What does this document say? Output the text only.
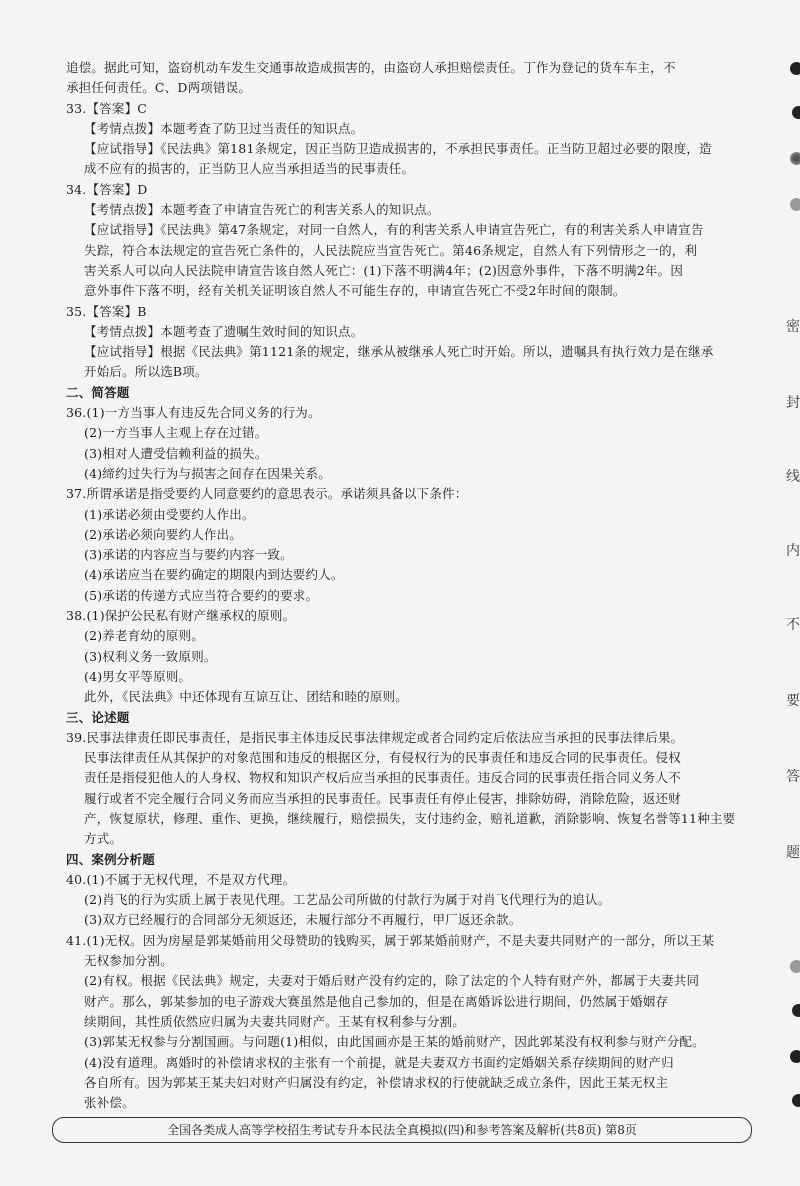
追偿。据此可知，盗窃机动车发生交通事故造成损害的，由盗窃人承担赔偿责任。丁作为登记的货车车主，不
承担任何责任。C、D两项错误。
33.【答案】C
【考情点拨】本题考查了防卫过当责任的知识点。
【应试指导】《民法典》第181条规定，因正当防卫造成损害的，不承担民事责任。正当防卫超过必要的限度，造
成不应有的损害的，正当防卫人应当承担适当的民事责任。
34.【答案】D
【考情点拨】本题考查了申请宣告死亡的利害关系人的知识点。
【应试指导】《民法典》第47条规定，对同一自然人，有的利害关系人申请宣告死亡，有的利害关系人申请宣告
失踪，符合本法规定的宣告死亡条件的，人民法院应当宣告死亡。第46条规定，自然人有下列情形之一的，利
害关系人可以向人民法院申请宣告该自然人死亡：(1)下落不明满4年；(2)因意外事件，下落不明满2年。因
意外事件下落不明，经有关机关证明该自然人不可能生存的，申请宣告死亡不受2年时间的限制。
35.【答案】B
【考情点拨】本题考查了遗嘱生效时间的知识点。
【应试指导】根据《民法典》第1121条的规定，继承从被继承人死亡时开始。所以，遗嘱具有执行效力是在继承
开始后。所以选B项。
二、简答题
36.(1)一方当事人有违反先合同义务的行为。
(2)一方当事人主观上存在过错。
(3)相对人遭受信赖利益的损失。
(4)缔约过失行为与损害之间存在因果关系。
37.所谓承诺是指受要约人同意要约的意思表示。承诺须具备以下条件：
(1)承诺必须由受要约人作出。
(2)承诺必须向要约人作出。
(3)承诺的内容应当与要约内容一致。
(4)承诺应当在要约确定的期限内到达要约人。
(5)承诺的传递方式应当符合要约的要求。
38.(1)保护公民私有财产继承权的原则。
(2)养老育幼的原则。
(3)权利义务一致原则。
(4)男女平等原则。
此外，《民法典》中还体现有互谅互让、团结和睦的原则。
三、论述题
39.民事法律责任即民事责任，是指民事主体违反民事法律规定或者合同约定后依法应当承担的民事法律后果。
民事法律责任从其保护的对象范围和违反的根据区分，有侵权行为的民事责任和违反合同的民事责任。侵权
责任是指侵犯他人的人身权、物权和知识产权后应当承担的民事责任。违反合同的民事责任指合同义务人不
履行或者不完全履行合同义务而应当承担的民事责任。民事责任有停止侵害，排除妨碍，消除危险，返还财
产，恢复原状，修理、重作、更换，继续履行，赔偿损失，支付违约金，赔礼道歉，消除影响、恢复名誉等11种主要
方式。
四、案例分析题
40.(1)不属于无权代理，不是双方代理。
(2)肖飞的行为实质上属于表见代理。工艺品公司所做的付款行为属于对肖飞代理行为的追认。
(3)双方已经履行的合同部分无须返还，未履行部分不再履行，甲厂返还余款。
41.(1)无权。因为房屋是郭某婚前用父母赞助的钱购买，属于郭某婚前财产，不是夫妻共同财产的一部分，所以王某
无权参加分割。
(2)有权。根据《民法典》规定，夫妻对于婚后财产没有约定的，除了法定的个人特有财产外，都属于夫妻共同
财产。那么，郭某参加的电子游戏大赛虽然是他自己参加的，但是在离婚诉讼进行期间，仍然属于婚姻存
续期间，其性质依然应归属为夫妻共同财产。王某有权利参与分割。
(3)郭某无权参与分割国画。与问题(1)相似，由此国画亦是王某的婚前财产，因此郭某没有权利参与财产分配。
(4)没有道理。离婚时的补偿请求权的主张有一个前提，就是夫妻双方书面约定婚姻关系存续期间的财产归
各自所有。因为郭某王某夫妇对财产归属没有约定，补偿请求权的行使就缺乏成立条件，因此王某无权主
张补偿。
全国各类成人高等学校招生考试专升本民法全真模拟(四)和参考答案及解析(共8页) 第8页
密
封
线
内
不
要
答
题
